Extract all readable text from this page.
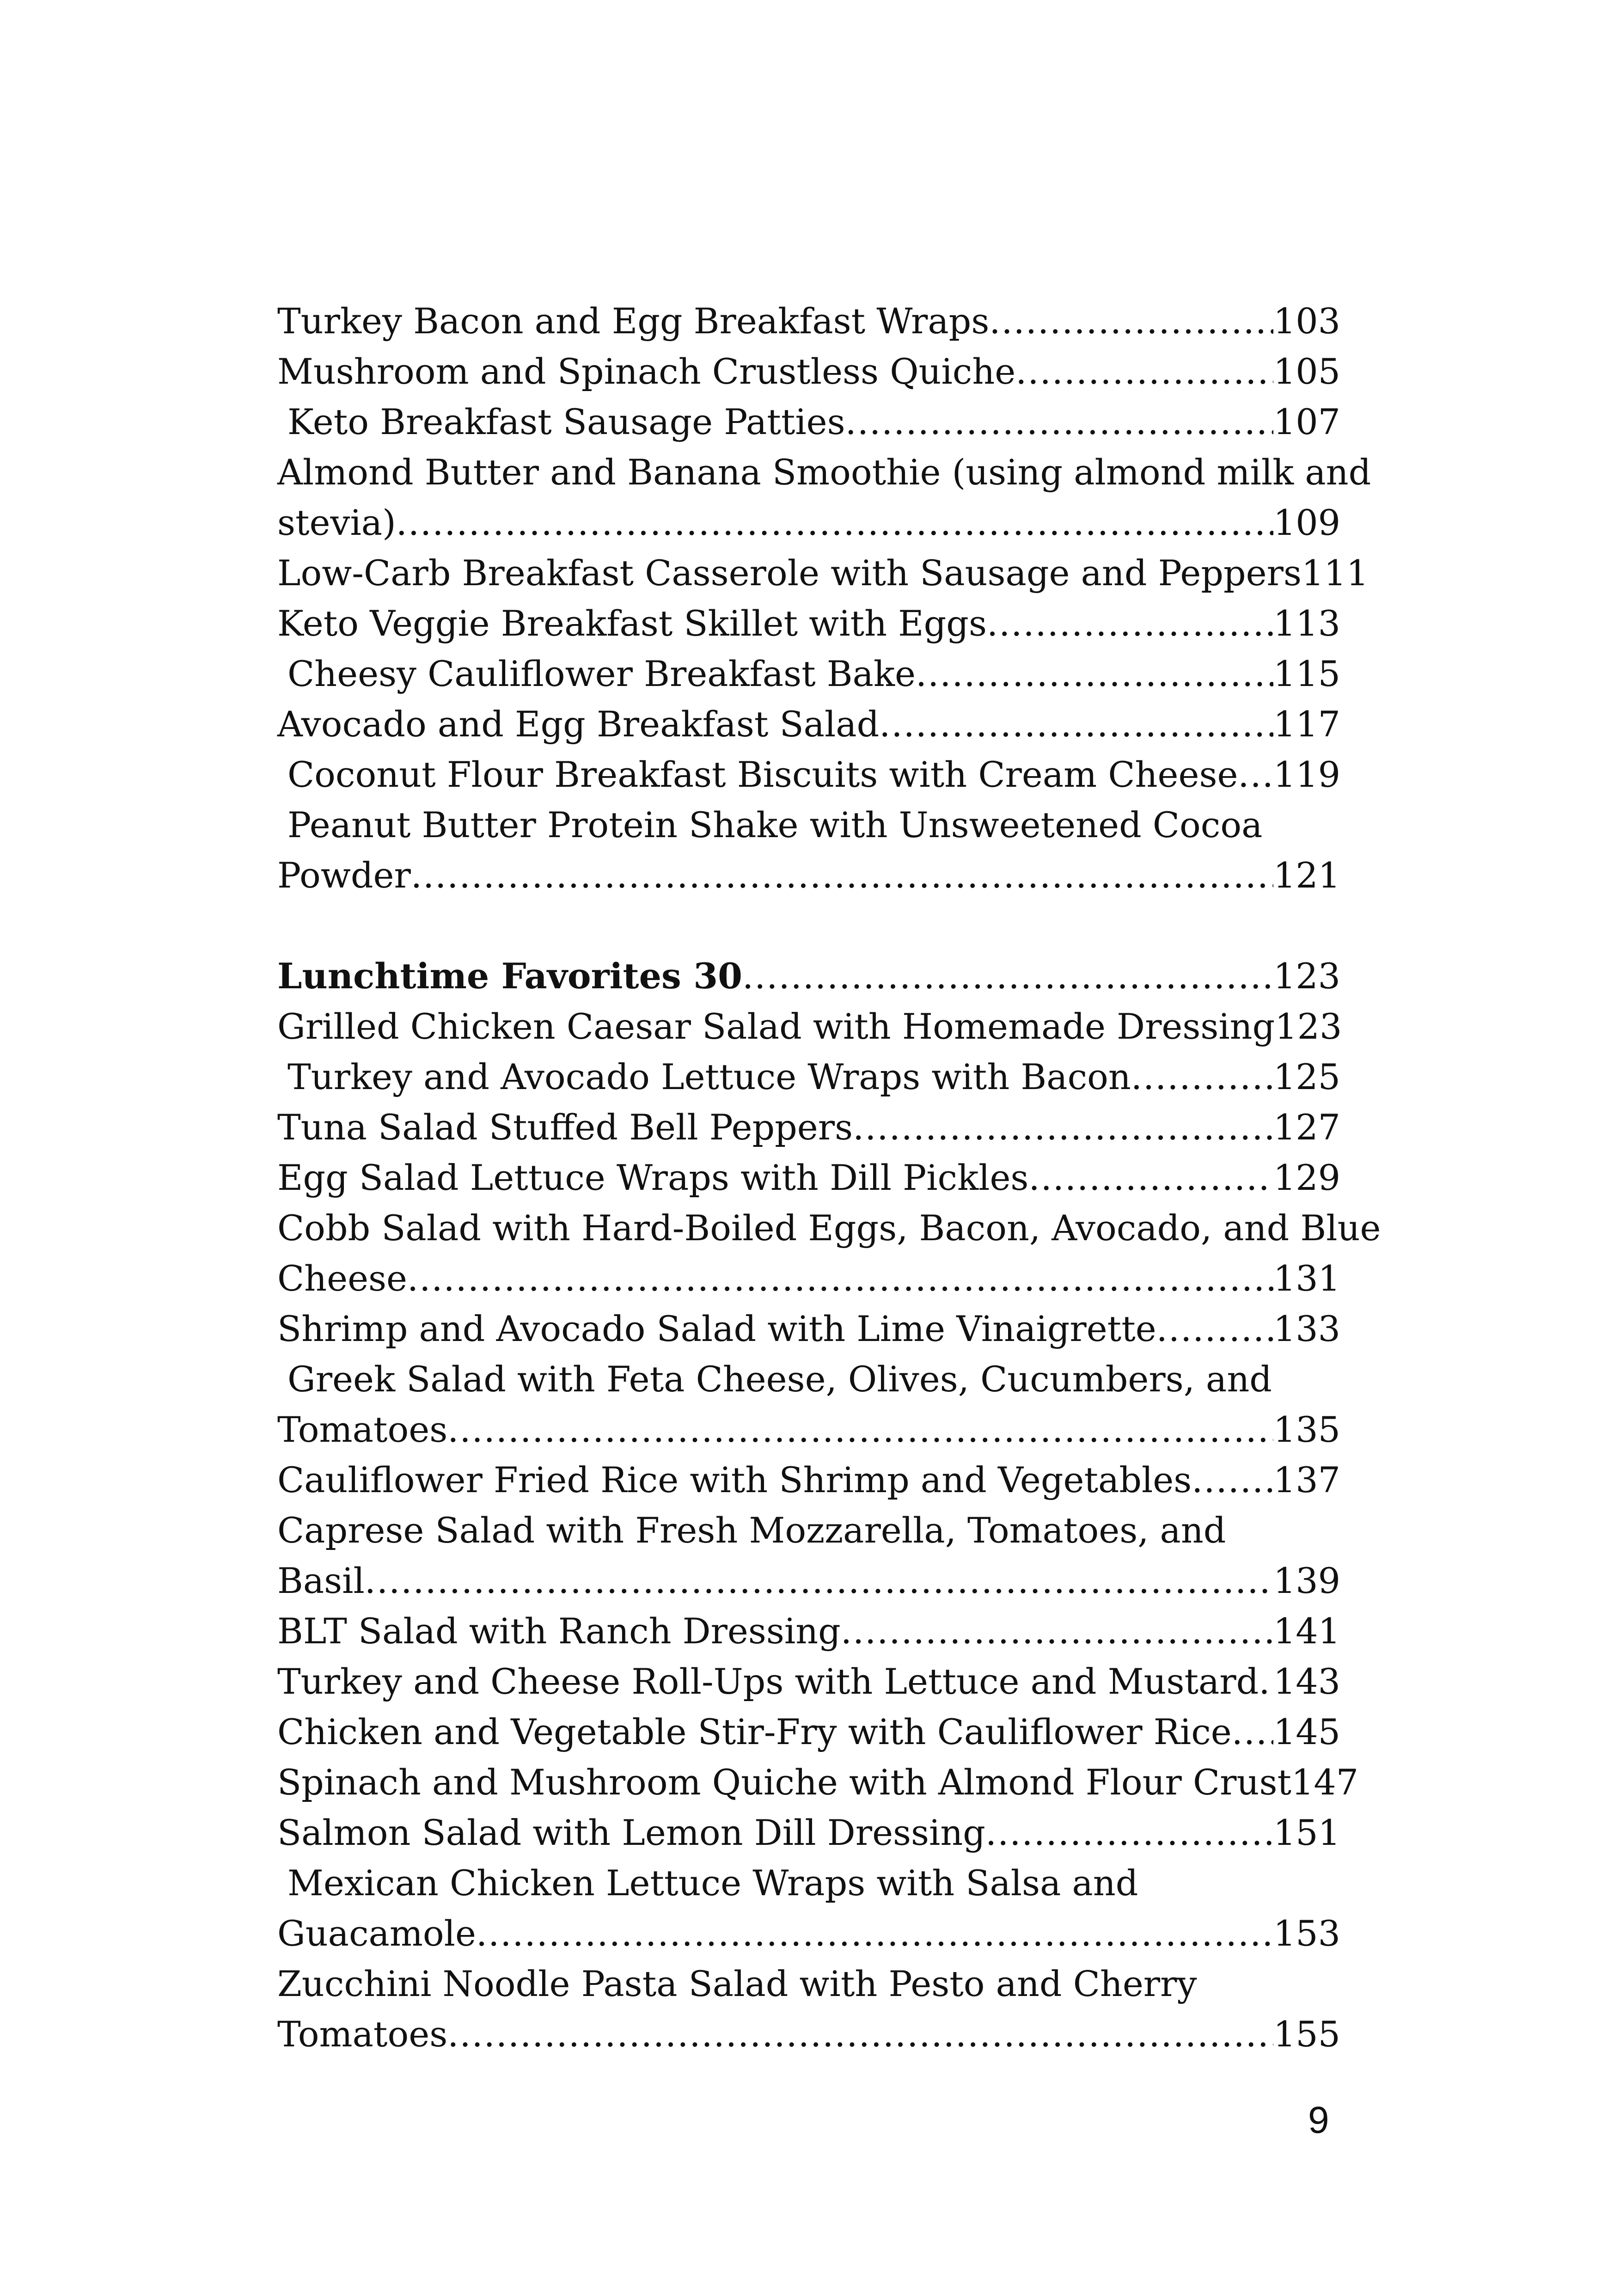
Turkey Bacon and Egg Breakfast Wraps .....	103
Mushroom and Spinach Crustless Quiche .....	105
Keto Breakfast Sausage Patties .....	107
Almond Butter and Banana Smoothie (using almond milk and
stevia) .....	109
Low-Carb Breakfast Casserole with Sausage and Peppers 111
Keto Veggie Breakfast Skillet with Eggs .....	113
Cheesy Cauliflower Breakfast Bake .....	115
Avocado and Egg Breakfast Salad .....	117
Coconut Flour Breakfast Biscuits with Cream Cheese ..... 119
Peanut Butter Protein Shake with Unsweetened Cocoa
Powder .....	121
Lunchtime Favorites 30 .....	123
Grilled Chicken Caesar Salad with Homemade Dressing 123
Turkey and Avocado Lettuce Wraps with Bacon .....	125
Tuna Salad Stuffed Bell Peppers .....	127
Egg Salad Lettuce Wraps with Dill Pickles .....	129
Cobb Salad with Hard-Boiled Eggs, Bacon, Avocado, and Blue
Cheese .....	131
Shrimp and Avocado Salad with Lime Vinaigrette .....	133
Greek Salad with Feta Cheese, Olives, Cucumbers, and
Tomatoes .....	135
Cauliflower Fried Rice with Shrimp and Vegetables ..... 137
Caprese Salad with Fresh Mozzarella, Tomatoes, and
Basil .....	139
BLT Salad with Ranch Dressing .....	141
Turkey and Cheese Roll-Ups with Lettuce and Mustard ..... 143
Chicken and Vegetable Stir-Fry with Cauliflower Rice ..... 145
Spinach and Mushroom Quiche with Almond Flour Crust 147
Salmon Salad with Lemon Dill Dressing .....	151
Mexican Chicken Lettuce Wraps with Salsa and
Guacamole .....	153
Zucchini Noodle Pasta Salad with Pesto and Cherry
Tomatoes .....	155
9
